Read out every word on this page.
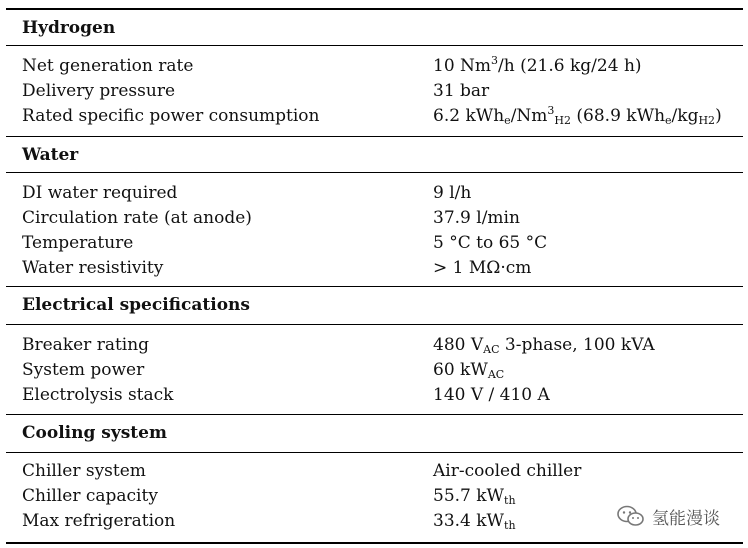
Hydrogen
Net generation rate	10 Nm$^3$/h (21.6 kg/24 h)
Delivery pressure	31 bar
Rated specific power consumption	6.2 $kWh_e/Nm^3_{H2}$ (68.9 $kWh_e/kg_{H2}$)
Water
DI water required	9 l/h
Circulation rate (at anode)	37.9 l/min
Temperature	5 °C to 65 °C
Water resistivity	> 1 MΩ·cm
Electrical specifications
Breaker rating	480 $V_{AC}$ 3-phase, 100 kVA
System power	60 $kW_{AC}$
Electrolysis stack	140 V / 410 A
Cooling system
Chiller system	Air-cooled chiller
Chiller capacity	55.7 $kW_{th}$
Max refrigeration	33.4 $kW_{th}$	氢能漫谈
